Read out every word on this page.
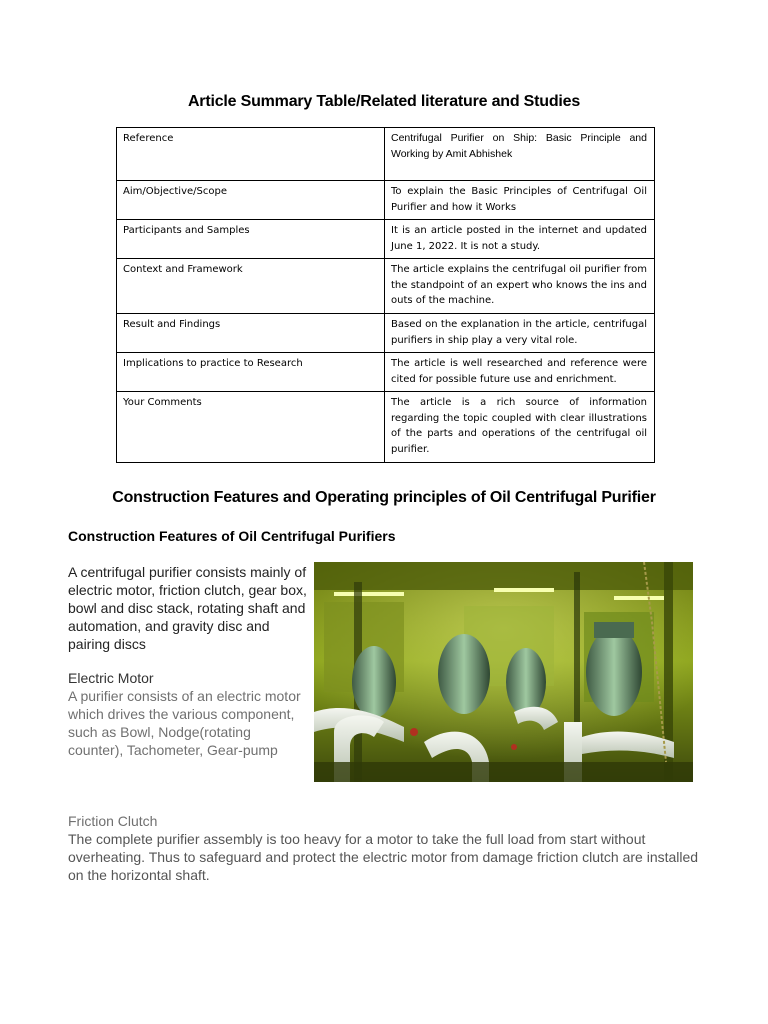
Article Summary Table/Related literature and Studies
Reference	Centrifugal Purifier on Ship: Basic Principle and Working by Amit Abhishek
Aim/Objective/Scope	To explain the Basic Principles of Centrifugal Oil Purifier and how it Works
Participants and Samples	It is an article posted in the internet and updated June 1, 2022. It is not a study.
Context and Framework	The article explains the centrifugal oil purifier from the standpoint of an expert who knows the ins and outs of the machine.
Result and Findings	Based on the explanation in the article, centrifugal purifiers in ship play a very vital role.
Implications to practice to Research	The article is well researched and reference were cited for possible future use and enrichment.
Your Comments	The article is a rich source of information regarding the topic coupled with clear illustrations of the parts and operations of the centrifugal oil purifier.
Construction Features and Operating principles of Oil Centrifugal Purifier
Construction Features of Oil Centrifugal Purifiers

A centrifugal purifier consists mainly of electric motor, friction clutch, gear box, bowl and disc stack, rotating shaft and automation, and gravity disc and pairing discs

Electric Motor

A purifier consists of an electric motor which drives the various component, such as Bowl, Nodge(rotating counter), Tachometer, Gear-pump

Friction Clutch

The complete purifier assembly is too heavy for a motor to take the full load from start without overheating. Thus to safeguard and protect the electric motor from damage friction clutch are installed on the horizontal shaft.
